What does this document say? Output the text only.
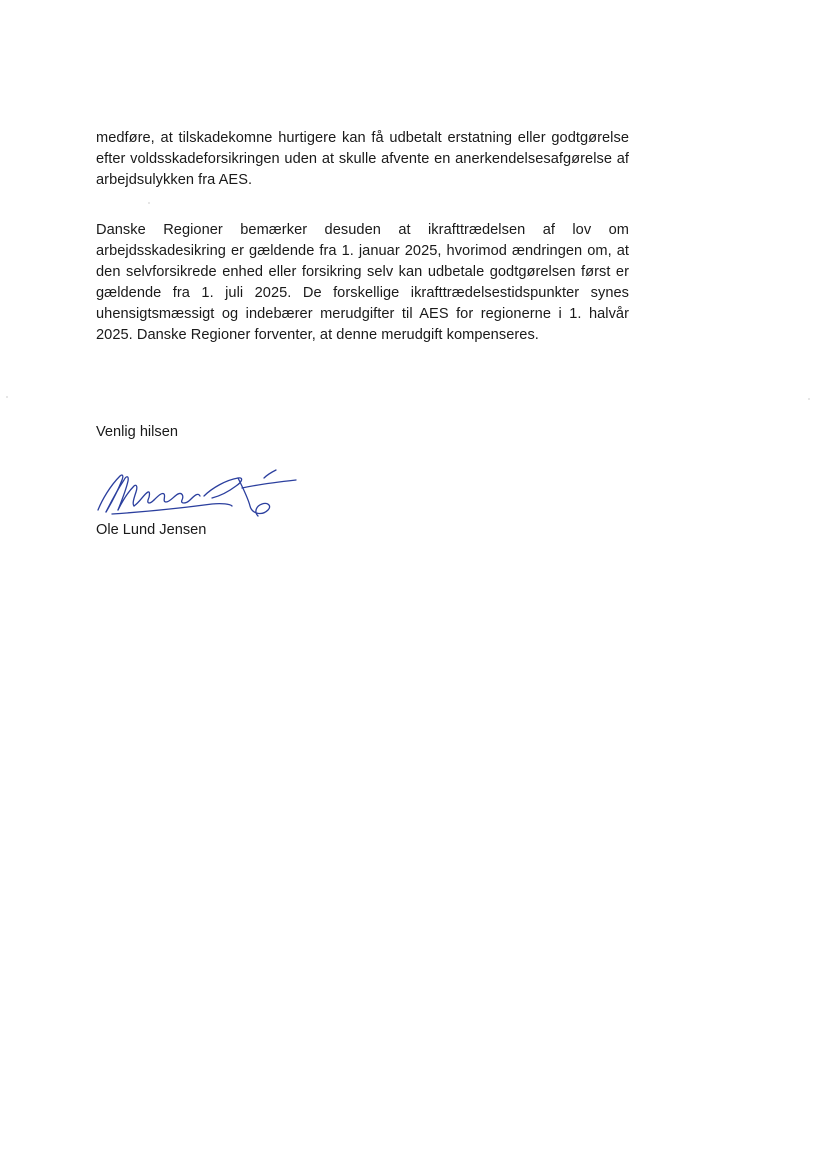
medføre, at tilskadekomne hurtigere kan få udbetalt erstatning eller godtgørelse efter voldsskadeforsikringen uden at skulle afvente en anerkendelsesafgørelse af arbejdsulykken fra AES.

Danske Regioner bemærker desuden at ikrafttrædelsen af lov om arbejdsskadesikring er gældende fra 1. januar 2025, hvorimod ændringen om, at den selvforsikrede enhed eller forsikring selv kan udbetale godtgørelsen først er gældende fra 1. juli 2025. De forskellige ikrafttrædelsestidspunkter synes uhensigtsmæssigt og indebærer merudgifter til AES for regionerne i 1. halvår 2025. Danske Regioner forventer, at denne merudgift kompenseres.

Venlig hilsen
Ole Lund Jensen
